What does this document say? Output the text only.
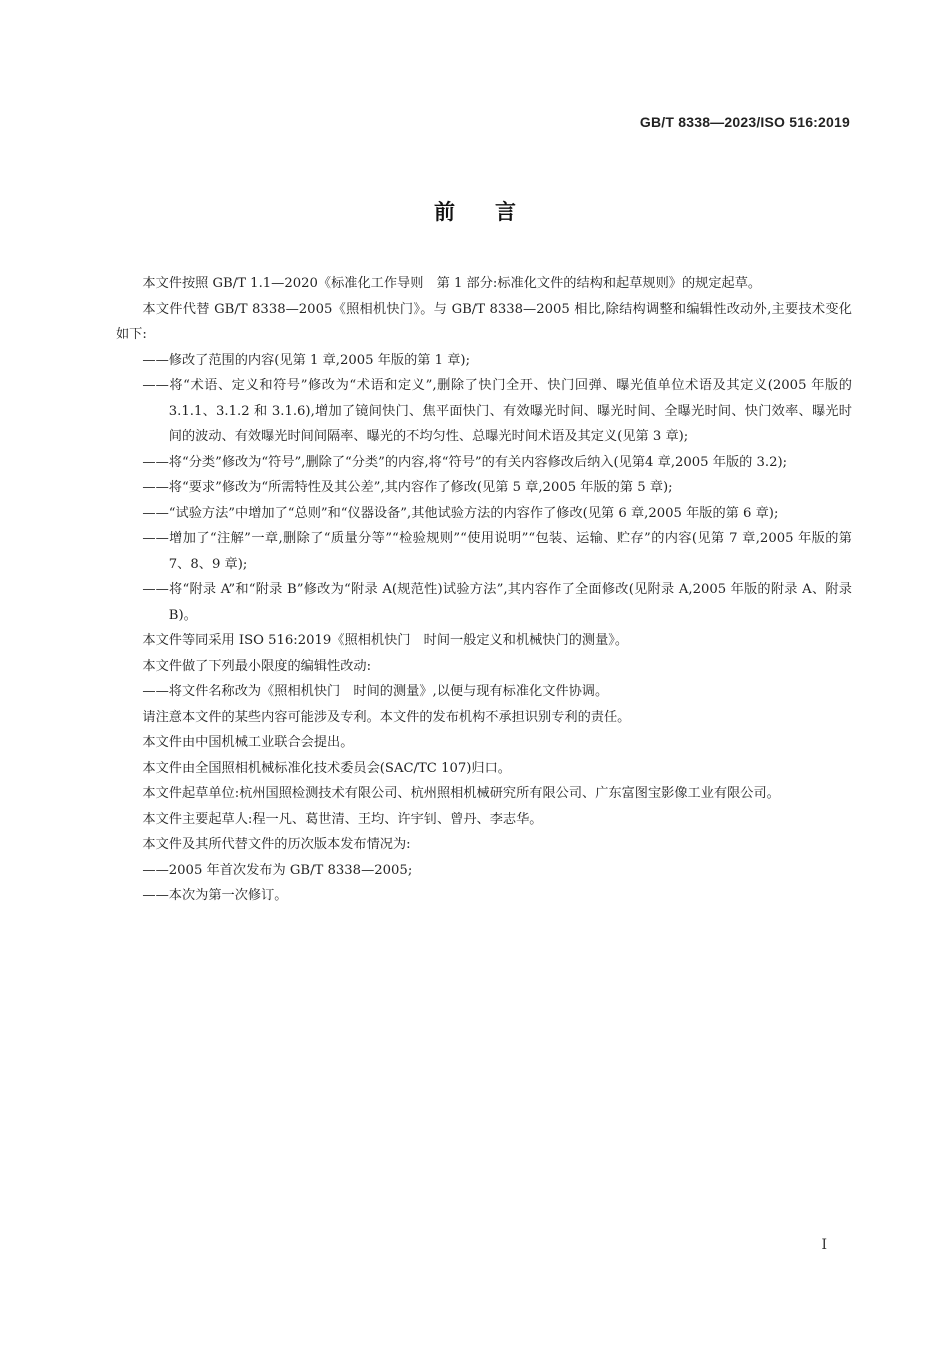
GB/T 8338—2023/ISO 516:2019
前言

本文件按照 GB/T 1.1—2020《标准化工作导则　第 1 部分:标准化文件的结构和起草规则》的规定起草。

本文件代替 GB/T 8338—2005《照相机快门》。与 GB/T 8338—2005 相比,除结构调整和编辑性改动外,主要技术变化如下:

——修改了范围的内容(见第 1 章,2005 年版的第 1 章);

——将“术语、定义和符号”修改为“术语和定义”,删除了快门全开、快门回弹、曝光值单位术语及其定义(2005 年版的 3.1.1、3.1.2 和 3.1.6),增加了镜间快门、焦平面快门、有效曝光时间、曝光时间、全曝光时间、快门效率、曝光时间的波动、有效曝光时间间隔率、曝光的不均匀性、总曝光时间术语及其定义(见第 3 章);

——将“分类”修改为“符号”,删除了“分类”的内容,将“符号”的有关内容修改后纳入(见第4 章,2005 年版的 3.2);

——将“要求”修改为“所需特性及其公差”,其内容作了修改(见第 5 章,2005 年版的第 5 章);

——“试验方法”中增加了“总则”和“仪器设备”,其他试验方法的内容作了修改(见第 6 章,2005 年版的第 6 章);

——增加了“注解”一章,删除了“质量分等”“检验规则”“使用说明”“包装、运输、贮存”的内容(见第 7 章,2005 年版的第 7、8、9 章);

——将“附录 A”和“附录 B”修改为“附录 A(规范性)试验方法”,其内容作了全面修改(见附录 A,2005 年版的附录 A、附录 B)。

本文件等同采用 ISO 516:2019《照相机快门　时间一般定义和机械快门的测量》。

本文件做了下列最小限度的编辑性改动:

——将文件名称改为《照相机快门　时间的测量》,以便与现有标准化文件协调。

请注意本文件的某些内容可能涉及专利。本文件的发布机构不承担识别专利的责任。

本文件由中国机械工业联合会提出。

本文件由全国照相机械标准化技术委员会(SAC/TC 107)归口。

本文件起草单位:杭州国照检测技术有限公司、杭州照相机械研究所有限公司、广东富图宝影像工业有限公司。

本文件主要起草人:程一凡、葛世清、王均、许宇钊、曾丹、李志华。

本文件及其所代替文件的历次版本发布情况为:

——2005 年首次发布为 GB/T 8338—2005;

——本次为第一次修订。

I
